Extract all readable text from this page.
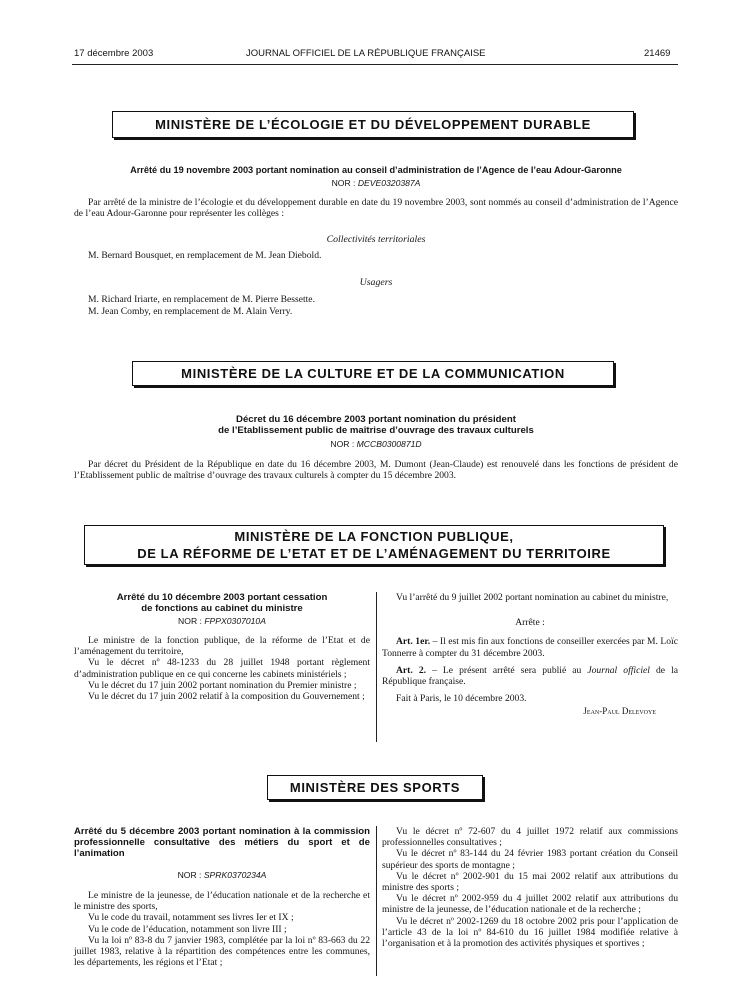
17 décembre 2003	JOURNAL OFFICIEL DE LA RÉPUBLIQUE FRANÇAISE	21469
MINISTÈRE DE L’ÉCOLOGIE ET DU DÉVELOPPEMENT DURABLE
Arrêté du 19 novembre 2003 portant nomination au conseil d’administration de l’Agence de l’eau Adour-Garonne
NOR : DEVE0320387A

Par arrêté de la ministre de l’écologie et du développement durable en date du 19 novembre 2003, sont nommés au conseil d’administration de l’Agence de l’eau Adour-Garonne pour représenter les collèges :

Collectivités territoriales

M. Bernard Bousquet, en remplacement de M. Jean Diebold.

Usagers

M. Richard Iriarte, en remplacement de M. Pierre Bessette.

M. Jean Comby, en remplacement de M. Alain Verry.

MINISTÈRE DE LA CULTURE ET DE LA COMMUNICATION
Décret du 16 décembre 2003 portant nomination du président
de l’Etablissement public de maîtrise d’ouvrage des travaux culturels
NOR : MCCB0300871D

Par décret du Président de la République en date du 16 décembre 2003, M. Dumont (Jean-Claude) est renouvelé dans les fonctions de président de l’Etablissement public de maîtrise d’ouvrage des travaux culturels à compter du 15 décembre 2003.

MINISTÈRE DE LA FONCTION PUBLIQUE,
DE LA RÉFORME DE L’ETAT ET DE L’AMÉNAGEMENT DU TERRITOIRE
Arrêté du 10 décembre 2003 portant cessation
de fonctions au cabinet du ministre
NOR : FPPX0307010A

Le ministre de la fonction publique, de la réforme de l’Etat et de l’aménagement du territoire,

Vu le décret nº 48-1233 du 28 juillet 1948 portant règlement d’administration publique en ce qui concerne les cabinets ministériels ;

Vu le décret du 17 juin 2002 portant nomination du Premier ministre ;

Vu le décret du 17 juin 2002 relatif à la composition du Gouvernement ;

Vu l’arrêté du 9 juillet 2002 portant nomination au cabinet du ministre,

Arrête :

Art. 1er. – Il est mis fin aux fonctions de conseiller exercées par M. Loïc Tonnerre à compter du 31 décembre 2003.

Art. 2. – Le présent arrêté sera publié au Journal officiel de la République française.

Fait à Paris, le 10 décembre 2003.

Jean-Paul Delevoye

MINISTÈRE DES SPORTS
Arrêté du 5 décembre 2003 portant nomination à la commission professionnelle consultative des métiers du sport et de l’animation
NOR : SPRK0370234A

Le ministre de la jeunesse, de l’éducation nationale et de la recherche et le ministre des sports,

Vu le code du travail, notamment ses livres Ier et IX ;

Vu le code de l’éducation, notamment son livre III ;

Vu la loi nº 83-8 du 7 janvier 1983, complétée par la loi nº 83-663 du 22 juillet 1983, relative à la répartition des compétences entre les communes, les départements, les régions et l’Etat ;

Vu le décret nº 72-607 du 4 juillet 1972 relatif aux commissions professionnelles consultatives ;

Vu le décret nº 83-144 du 24 février 1983 portant création du Conseil supérieur des sports de montagne ;

Vu le décret nº 2002-901 du 15 mai 2002 relatif aux attributions du ministre des sports ;

Vu le décret nº 2002-959 du 4 juillet 2002 relatif aux attributions du ministre de la jeunesse, de l’éducation nationale et de la recherche ;

Vu le décret nº 2002-1269 du 18 octobre 2002 pris pour l’application de l’article 43 de la loi nº 84-610 du 16 juillet 1984 modifiée relative à l’organisation et à la promotion des activités physiques et sportives ;
